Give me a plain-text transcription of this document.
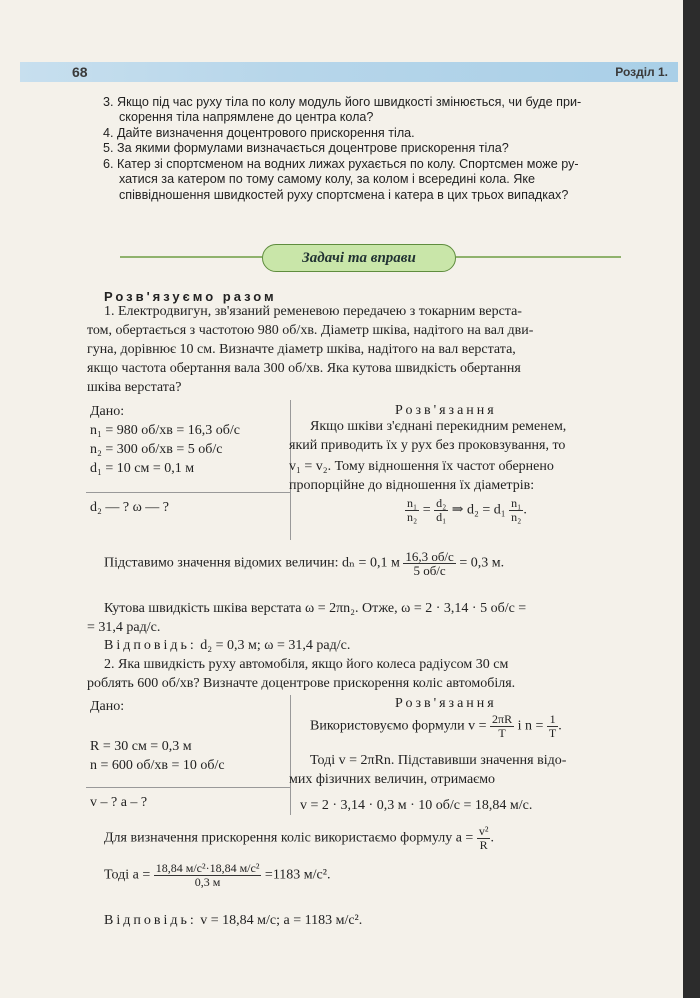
68	Розділ 1.
3. Якщо під час руху тіла по колу модуль його швидкості змінюється, чи буде при-
скорення тіла напрямлене до центра кола?
4. Дайте визначення доцентрового прискорення тіла.
5. За якими формулами визначається доцентрове прискорення тіла?
6. Катер зі спортсменом на водних лижах рухається по колу. Спортсмен може ру-
хатися за катером по тому самому колу, за колом і всередині кола. Яке
співвідношення швидкостей руху спортсмена і катера в цих трьох випадках?
Задачі та вправи
Розв'язуємо разом
1. Електродвигун, зв'язаний ременевою передачею з токарним верста-
том, обертається з частотою 980 об/хв. Діаметр шківа, надітого на вал дви-
гуна, дорівнює 10 см. Визначте діаметр шківа, надітого на вал верстата,
якщо частота обертання вала 300 об/хв. Яка кутова швидкість обертання
шківа верстата?
Дано:
n₁ = 980 об/хв = 16,3 об/с
n₂ = 300 об/хв = 5 об/с
d₁ = 10 см = 0,1 м
d₂ — ? ω — ?
Розв'язання
Якщо шківи з'єднані перекидним ременем,
який приводить їх у рух без проковзування, то
v₁ = v₂. Тому відношення їх частот обернено
пропорційне до відношення їх діаметрів:
$\frac{\text{n₁}}{\text{n₂}} = \frac{\text{d₂}}{\text{d₁}}$ ⇒ $d_2 = d_1 \frac{\text{n₁}}{\text{n₂}}$ .
Підставимо значення відомих величин: dₙ = 0,1 м $\frac{16,3 об/с}{5 об/с} = 0,3$ м.
Кутова швидкість шківа верстата ω = 2πn₂. Отже, ω = 2 · 3,14 · 5 об/с =
= 31,4 рад/с.
Відповідь: d₂ = 0,3 м; ω = 31,4 рад/с.
2. Яка швидкість руху автомобіля, якщо його колеса радіусом 30 см
роблять 600 об/хв? Визначте доцентрове прискорення коліс автомобіля.
Дано:
R = 30 см = 0,3 м
n = 600 об/хв = 10 об/с
v – ? a – ?
Розв'язання
Використовуємо формули $v = \frac{2\pi R}{T}$ і $n = \frac{1}{T}$ .
Тоді v = 2πRn. Підставивши значення відо-
мих фізичних величин, отримаємо
v = 2 · 3,14 · 0,3 м · 10 об/с = 18,84 м/с.
Для визначення прискорення коліс використаємо формулу $a = \frac{\text{v²}}{R}$ .
Тоді $a = \frac{\text{18,84 м/с²·18,84 м/с²}}{0,3 м} =1183$ м/с².
Відповідь: v = 18,84 м/с; a = 1183 м/с².
